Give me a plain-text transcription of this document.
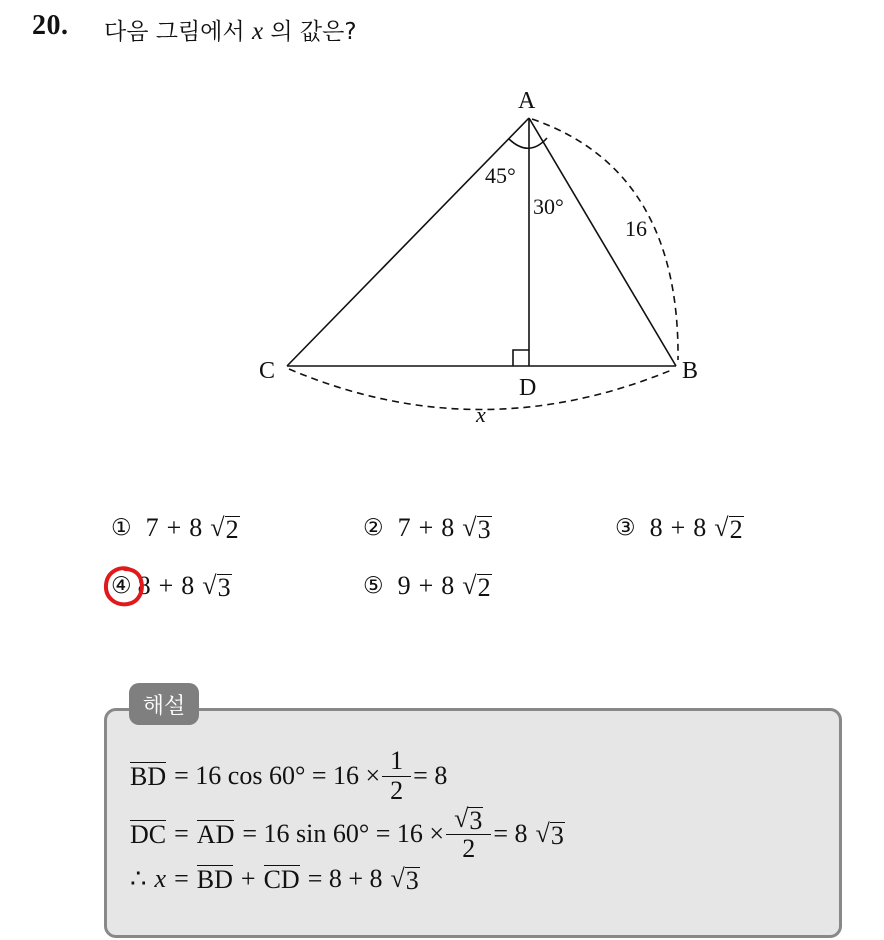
20. 다음 그림에서 x 의 값은?
A
B
C
D
45°
30°
16
x
① 7 + 8 √ 2	② 7 + 8 √ 3	③ 8 + 8 √ 2
④ 8 + 8 √ 3	⑤ 9 + 8 √ 2
해설
BD = 16 $\cos 60^\circ = 16 \times \frac{1}{2} = 8$
DC = AD = 16 $\sin 60^\circ = 16 \times \frac{√ 3}{2} = 8$ √ 3
∴ x = BD + CD = 8 + 8 √ 3
